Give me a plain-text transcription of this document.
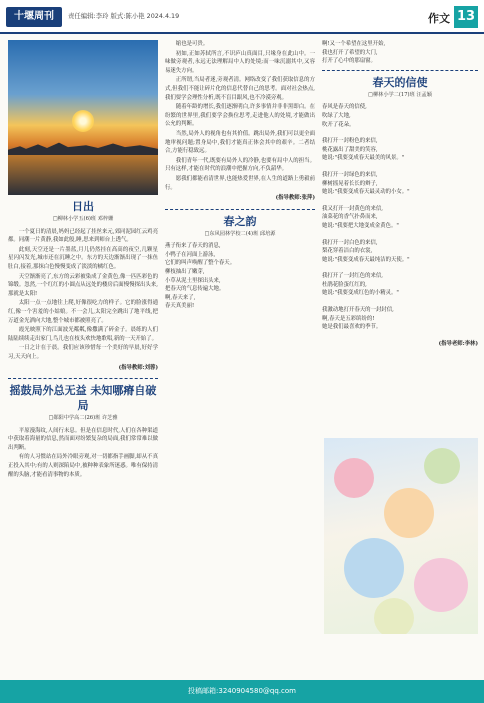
十堰周刊	责任编辑:李玲 版式:陈小艳 2024.4.19	作文 13
日出
□柳林小学五(6)班 邓梓姗

一个夏日的清晨,妈妈已经起了挂丝来元,郊同泥园红云鸡亮都。同潮一片黄静,我如此般,睡,思来到师台上透气。

此刻,天空还是一片墨蓝,月儿仍然挂在高高的夜空,几颗星星闪闪发光,城市还在沉睡之中。东方的天边渐渐出现了一抹鱼肚白,接着,那抹白色慢慢变成了淡淡的橘红色。

天空渐渐亮了,东方的云彩被染成了金黄色,像一匹匹彩色的锦缎。忽然,一个红红的小圆点从远处的楼房后面慢慢探出头来,那就是太阳!

太阳一点一点地往上爬,好像很吃力的样子。它的脸涨得通红,像一个害羞的小姑娘。不一会儿,太阳完全跳出了地平线,把万道金光洒向大地,整个城市都被照亮了。

霞光映照下的江面波光粼粼,像撒满了碎金子。晨练的人们陆陆续续走出家门,鸟儿也在枝头欢快地歌唱,新的一天开始了。

一日之计在于晨。我们应该珍惜每一个美好的早晨,好好学习,天天向上。

(指导教师:刘蓉)
摇鼓局外总无益 未知哪瘠自破局
□郧阳中学高二(26)班 许芝雅

平原漫海纹,人间行未息。但是在信息时代,人们在各种渠道中获取着海量的信息,然而面对纷繁复杂的局面,我们常常难以做出判断。

有的人习惯站在局外冷眼旁观,对一切都指手画脚,却从不真正投入其中;有的人则深陷局中,被种种表象所迷惑。唯有保持清醒的头脑,才能看清事物的本质。

缩也是可贵。

初如,正如苏轼所言,不识庐山真面目,只缘身在此山中。一味做旁观者,永远无法理解局中人的处境;而一味沉溺其中,又容易迷失方向。

正所谓,当局者迷,旁观者清。网络改变了我们获取信息的方式,但我们不能让碎片化的信息代替自己的思考。面对社会热点,我们要学会理性分析,既不盲目跟风,也不冷漠旁观。

随着年龄的增长,我们逐渐明白,许多事情并非非黑即白。在纷繁的世界里,我们要学会换位思考,走进他人的处境,才能做出公允的判断。

当然,局外人的视角也有其价值。跳出局外,我们可以更全面地审视问题;置身局中,我们才能真正体会其中的艰辛。二者结合,方能行稳致远。

我们青年一代,既要有局外人的冷静,也要有局中人的担当。只有这样,才能在时代的浪潮中把握方向,不负韶华。

愿我们都能看清世界,也能热爱世界,在人生的道路上勇毅前行。

(指导教师:张萍)
春之韵
□东风园林学校二(4)班 邱培源
燕子衔来了春天的消息,
小鸭子在河面上游泳,
它们的叫声唤醒了整个春天。
柳枝抽出了嫩芽,
小草从泥土里探出头来,
把春天的气息传遍大地。
啊,春天来了,
春天真美丽!
啊!又一个希望在这里开始,
我也打开了希望的大门,
打开了心中的那扇窗。
春天的信使
□柳林小学二(17)班 汪孟颖
春风是春天的信使,
吹绿了大地,
吹开了花朵。
我打开一封粉色的来信,
桃花露出了甜美的笑容,
她说:"我要变成春天最美的风景。"
我打开一封绿色的来信,
柳树摇晃着长长的辫子,
她说:"我要变成春天最灵动的小女。"
我又打开一封黄色的来信,
油菜花的香气扑鼻而来,
她说:"我要把大地变成金黄色。"
我打开一封白色的来信,
梨花穿着洁白的衣裳,
她说:"我要变成春天最纯洁的天使。"
我打开了一封红色的来信,
杜鹃花脸蛋红红的,
她说:"我要变成红色的小精灵。"
我激动地打开春天的一封封信,
啊,春天是五彩缤纷的!
她是我们最喜欢的季节。
(指导老师:李林)
投稿邮箱:3240904580@qq.com
